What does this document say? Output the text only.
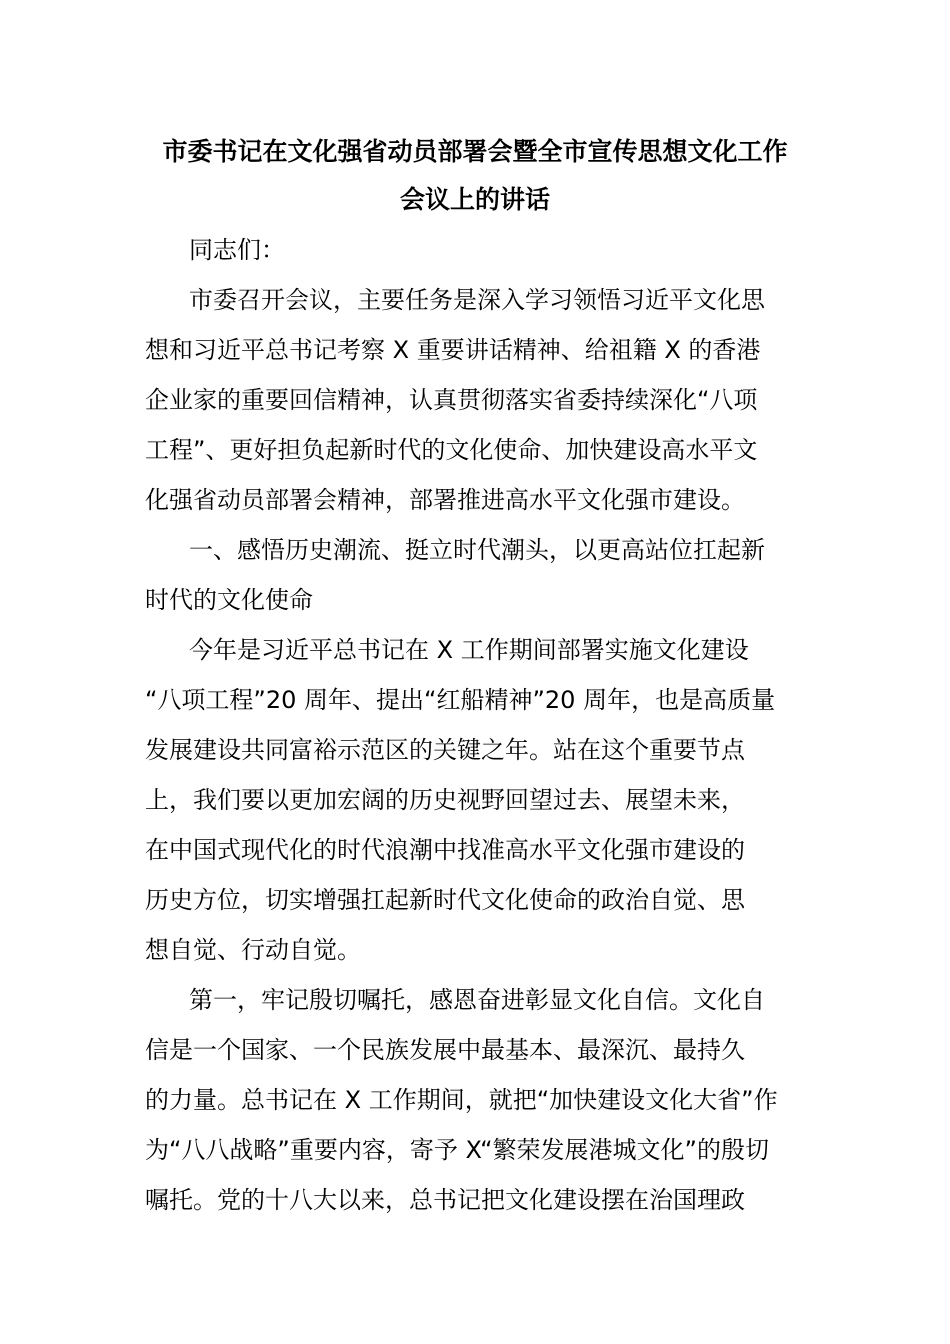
市委书记在文化强省动员部署会暨全市宣传思想文化工作
会议上的讲话
同志们：
市委召开会议，主要任务是深入学习领悟习近平文化思
想和习近平总书记考察 X 重要讲话精神、给祖籍 X 的香港
企业家的重要回信精神，认真贯彻落实省委持续深化“八项
工程”、更好担负起新时代的文化使命、加快建设高水平文
化强省动员部署会精神，部署推进高水平文化强市建设。
一、感悟历史潮流、挺立时代潮头，以更高站位扛起新
时代的文化使命
今年是习近平总书记在 X 工作期间部署实施文化建设
“八项工程”20 周年、提出“红船精神”20 周年，也是高质量
发展建设共同富裕示范区的关键之年。站在这个重要节点
上，我们要以更加宏阔的历史视野回望过去、展望未来，
在中国式现代化的时代浪潮中找准高水平文化强市建设的
历史方位，切实增强扛起新时代文化使命的政治自觉、思
想自觉、行动自觉。
第一，牢记殷切嘱托，感恩奋进彰显文化自信。文化自
信是一个国家、一个民族发展中最基本、最深沉、最持久
的力量。总书记在 X 工作期间，就把“加快建设文化大省”作
为“八八战略”重要内容，寄予 X“繁荣发展港城文化”的殷切
嘱托。党的十八大以来，总书记把文化建设摆在治国理政
